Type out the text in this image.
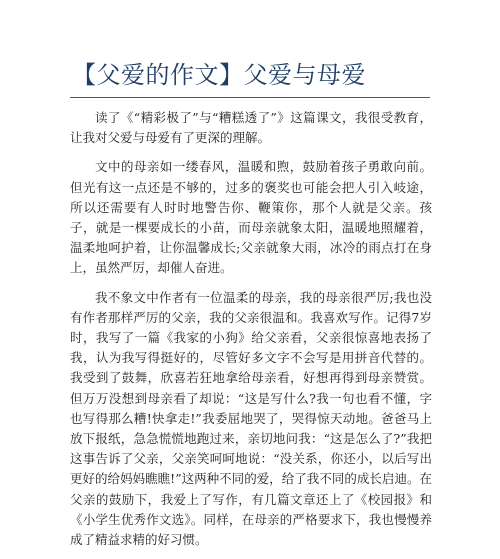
【父爱的作文】父爱与母爱

读了《“精彩极了”与“糟糕透了”》这篇课文，我很受教育，让我对父爱与母爱有了更深的理解。

文中的母亲如一缕春风，温暖和煦，鼓励着孩子勇敢向前。但光有这一点还是不够的，过多的褒奖也可能会把人引入岐途，所以还需要有人时时地警告你、鞭策你，那个人就是父亲。孩子，就是一棵要成长的小苗，而母亲就象太阳，温暖地照耀着，温柔地呵护着，让你温馨成长;父亲就象大雨，冰冷的雨点打在身上，虽然严厉，却催人奋进。

我不象文中作者有一位温柔的母亲，我的母亲很严厉;我也没有作者那样严厉的父亲，我的父亲很温和。我喜欢写作。记得7岁时，我写了一篇《我家的小狗》给父亲看，父亲很惊喜地表扬了我，认为我写得挺好的，尽管好多文字不会写是用拼音代替的。我受到了鼓舞，欣喜若狂地拿给母亲看，好想再得到母亲赞赏。但万万没想到母亲看了却说：“这是写什么?我一句也看不懂，字也写得那么糟!快拿走!”我委屈地哭了，哭得惊天动地。爸爸马上放下报纸，急急慌慌地跑过来，亲切地问我：“这是怎么了?”我把这事告诉了父亲，父亲笑呵呵地说：“没关系，你还小，以后写出更好的给妈妈瞧瞧!”这两种不同的爱，给了我不同的成长启迪。在父亲的鼓励下，我爱上了写作，有几篇文章还上了《校园报》和《小学生优秀作文选》。同样，在母亲的严格要求下，我也慢慢养成了精益求精的好习惯。
